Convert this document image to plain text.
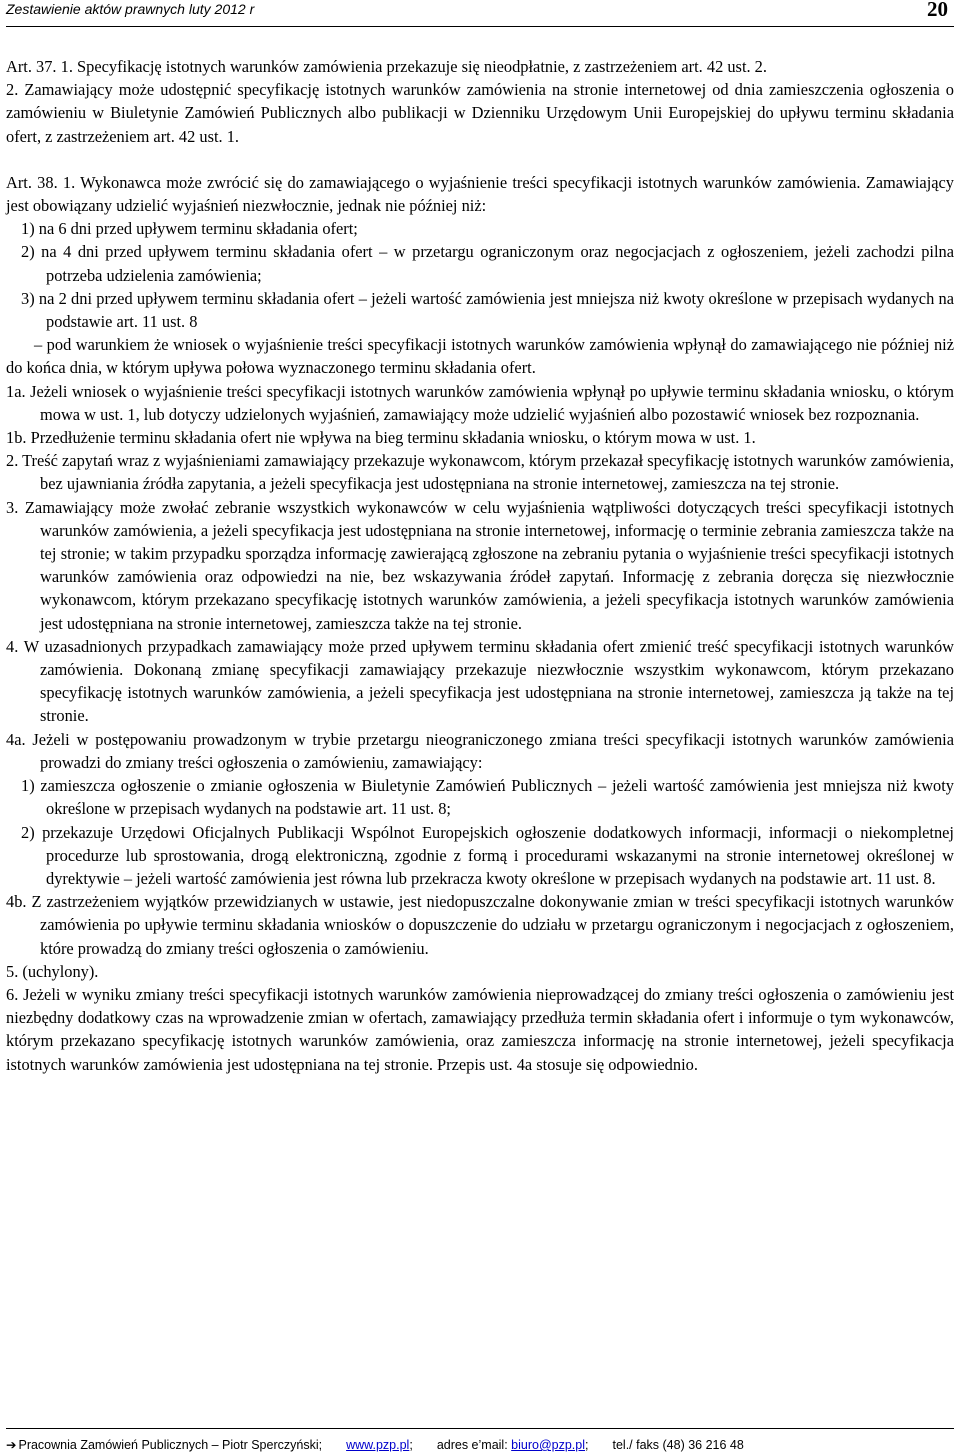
Zestawienie aktów prawnych luty 2012 r	20

Art. 37. 1. Specyfikację istotnych warunków zamówienia przekazuje się nieodpłatnie, z zastrzeżeniem art. 42 ust. 2.

2. Zamawiający może udostępnić specyfikację istotnych warunków zamówienia na stronie internetowej od dnia zamieszczenia ogłoszenia o zamówieniu w Biuletynie Zamówień Publicznych albo publikacji w Dzienniku Urzędowym Unii Europejskiej do upływu terminu składania ofert, z zastrzeżeniem art. 42 ust. 1.

Art. 38. 1. Wykonawca może zwrócić się do zamawiającego o wyjaśnienie treści specyfikacji istotnych warunków zamówienia. Zamawiający jest obowiązany udzielić wyjaśnień niezwłocznie, jednak nie później niż:

1) na 6 dni przed upływem terminu składania ofert;

2) na 4 dni przed upływem terminu składania ofert – w przetargu ograniczonym oraz negocjacjach z ogłoszeniem, jeżeli zachodzi pilna potrzeba udzielenia zamówienia;

3) na 2 dni przed upływem terminu składania ofert – jeżeli wartość zamówienia jest mniejsza niż kwoty określone w przepisach wydanych na podstawie art. 11 ust. 8

– pod warunkiem że wniosek o wyjaśnienie treści specyfikacji istotnych warunków zamówienia wpłynął do zamawiającego nie później niż do końca dnia, w którym upływa połowa wyznaczonego terminu składania ofert.

1a. Jeżeli wniosek o wyjaśnienie treści specyfikacji istotnych warunków zamówienia wpłynął po upływie terminu składania wniosku, o którym mowa w ust. 1, lub dotyczy udzielonych wyjaśnień, zamawiający może udzielić wyjaśnień albo pozostawić wniosek bez rozpoznania.

1b. Przedłużenie terminu składania ofert nie wpływa na bieg terminu składania wniosku, o którym mowa w ust. 1.

2. Treść zapytań wraz z wyjaśnieniami zamawiający przekazuje wykonawcom, którym przekazał specyfikację istotnych warunków zamówienia, bez ujawniania źródła zapytania, a jeżeli specyfikacja jest udostępniana na stronie internetowej, zamieszcza na tej stronie.

3. Zamawiający może zwołać zebranie wszystkich wykonawców w celu wyjaśnienia wątpliwości dotyczących treści specyfikacji istotnych warunków zamówienia, a jeżeli specyfikacja jest udostępniana na stronie internetowej, informację o terminie zebrania zamieszcza także na tej stronie; w takim przypadku sporządza informację zawierającą zgłoszone na zebraniu pytania o wyjaśnienie treści specyfikacji istotnych warunków zamówienia oraz odpowiedzi na nie, bez wskazywania źródeł zapytań. Informację z zebrania doręcza się niezwłocznie wykonawcom, którym przekazano specyfikację istotnych warunków zamówienia, a jeżeli specyfikacja istotnych warunków zamówienia jest udostępniana na stronie internetowej, zamieszcza także na tej stronie.

4. W uzasadnionych przypadkach zamawiający może przed upływem terminu składania ofert zmienić treść specyfikacji istotnych warunków zamówienia. Dokonaną zmianę specyfikacji zamawiający przekazuje niezwłocznie wszystkim wykonawcom, którym przekazano specyfikację istotnych warunków zamówienia, a jeżeli specyfikacja jest udostępniana na stronie internetowej, zamieszcza ją także na tej stronie.

4a. Jeżeli w postępowaniu prowadzonym w trybie przetargu nieograniczonego zmiana treści specyfikacji istotnych warunków zamówienia prowadzi do zmiany treści ogłoszenia o zamówieniu, zamawiający:

1) zamieszcza ogłoszenie o zmianie ogłoszenia w Biuletynie Zamówień Publicznych – jeżeli wartość zamówienia jest mniejsza niż kwoty określone w przepisach wydanych na podstawie art. 11 ust. 8;

2) przekazuje Urzędowi Oficjalnych Publikacji Wspólnot Europejskich ogłoszenie dodatkowych informacji, informacji o niekompletnej procedurze lub sprostowania, drogą elektroniczną, zgodnie z formą i procedurami wskazanymi na stronie internetowej określonej w dyrektywie – jeżeli wartość zamówienia jest równa lub przekracza kwoty określone w przepisach wydanych na podstawie art. 11 ust. 8.

4b. Z zastrzeżeniem wyjątków przewidzianych w ustawie, jest niedopuszczalne dokonywanie zmian w treści specyfikacji istotnych warunków zamówienia po upływie terminu składania wniosków o dopuszczenie do udziału w przetargu ograniczonym i negocjacjach z ogłoszeniem, które prowadzą do zmiany treści ogłoszenia o zamówieniu.

5. (uchylony).

6. Jeżeli w wyniku zmiany treści specyfikacji istotnych warunków zamówienia nieprowadzącej do zmiany treści ogłoszenia o zamówieniu jest niezbędny dodatkowy czas na wprowadzenie zmian w ofertach, zamawiający przedłuża termin składania ofert i informuje o tym wykonawców, którym przekazano specyfikację istotnych warunków zamówienia, oraz zamieszcza informację na stronie internetowej, jeżeli specyfikacja istotnych warunków zamówienia jest udostępniana na tej stronie. Przepis ust. 4a stosuje się odpowiednio.

➔ Pracownia Zamówień Publicznych – Piotr Sperczyński; www.pzp.pl; adres e’mail: biuro@pzp.pl; tel./ faks (48) 36 216 48
